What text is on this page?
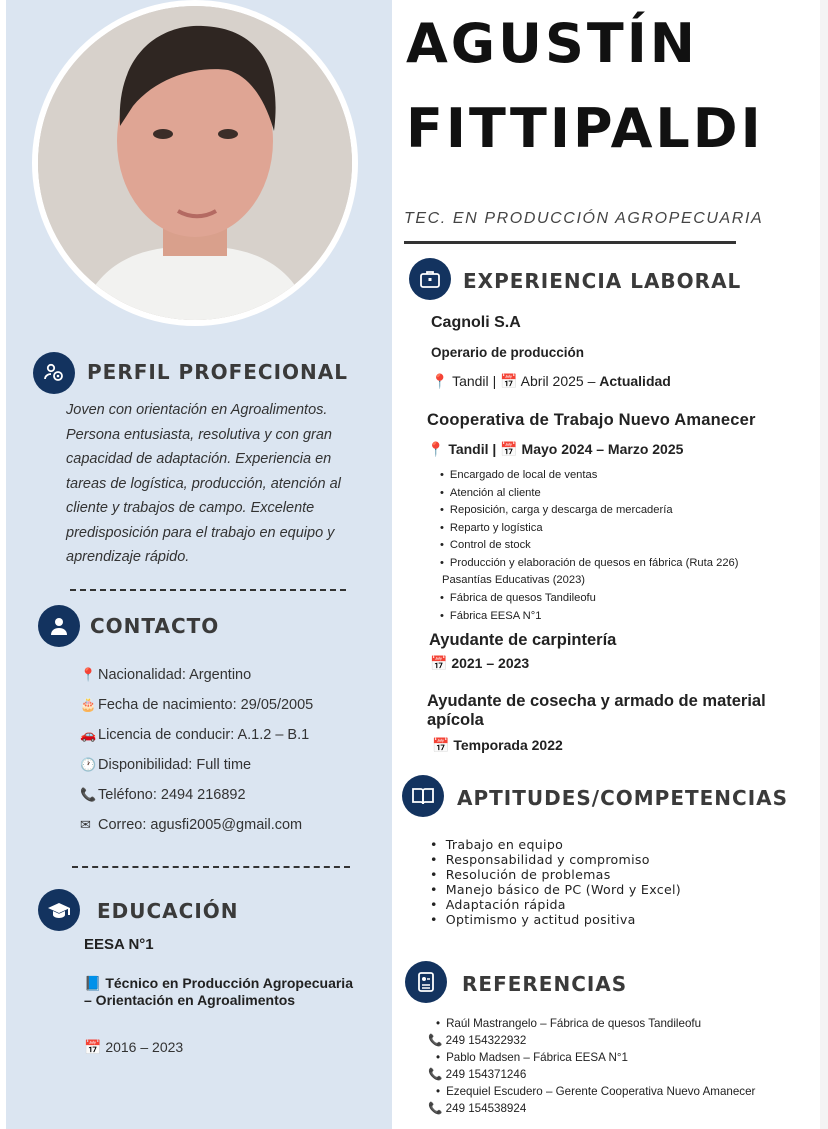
PERFIL PROFECIONAL
Joven con orientación en Agroalimentos. Persona entusiasta, resolutiva y con gran capacidad de adaptación. Experiencia en tareas de logística, producción, atención al cliente y trabajos de campo. Excelente predisposición para el trabajo en equipo y aprendizaje rápido.
CONTACTO
📍 Nacionalidad: Argentino
🎂 Fecha de nacimiento: 29/05/2005
🚗 Licencia de conducir: A.1.2 – B.1
🕐 Disponibilidad: Full time
📞 Teléfono: 2494 216892
✉ Correo: agusfi2005@gmail.com
EDUCACIÓN
EESA N°1
📘 Técnico en Producción Agropecuaria – Orientación en Agroalimentos
📅 2016 – 2023
AGUSTÍN
FITTIPALDI
TEC. EN PRODUCCIÓN AGROPECUARIA
EXPERIENCIA LABORAL
Cagnoli S.A
Operario de producción
📍 Tandil | 📅 Abril 2025 – Actualidad
Cooperativa de Trabajo Nuevo Amanecer
📍 Tandil | 📅 Mayo 2024 – Marzo 2025
• Encargado de local de ventas
• Atención al cliente
• Reposición, carga y descarga de mercadería
• Reparto y logística
• Control de stock
• Producción y elaboración de quesos en fábrica (Ruta 226)
Pasantías Educativas (2023)
• Fábrica de quesos Tandileofu
• Fábrica EESA N°1
Ayudante de carpintería
📅 2021 – 2023
Ayudante de cosecha y armado de material apícola
📅 Temporada 2022
APTITUDES/COMPETENCIAS
• Trabajo en equipo
• Responsabilidad y compromiso
• Resolución de problemas
• Manejo básico de PC (Word y Excel)
• Adaptación rápida
• Optimismo y actitud positiva
REFERENCIAS
• Raúl Mastrangelo – Fábrica de quesos Tandileofu
📞 249 154322932
• Pablo Madsen – Fábrica EESA N°1
📞 249 154371246
• Ezequiel Escudero – Gerente Cooperativa Nuevo Amanecer
📞 249 154538924
